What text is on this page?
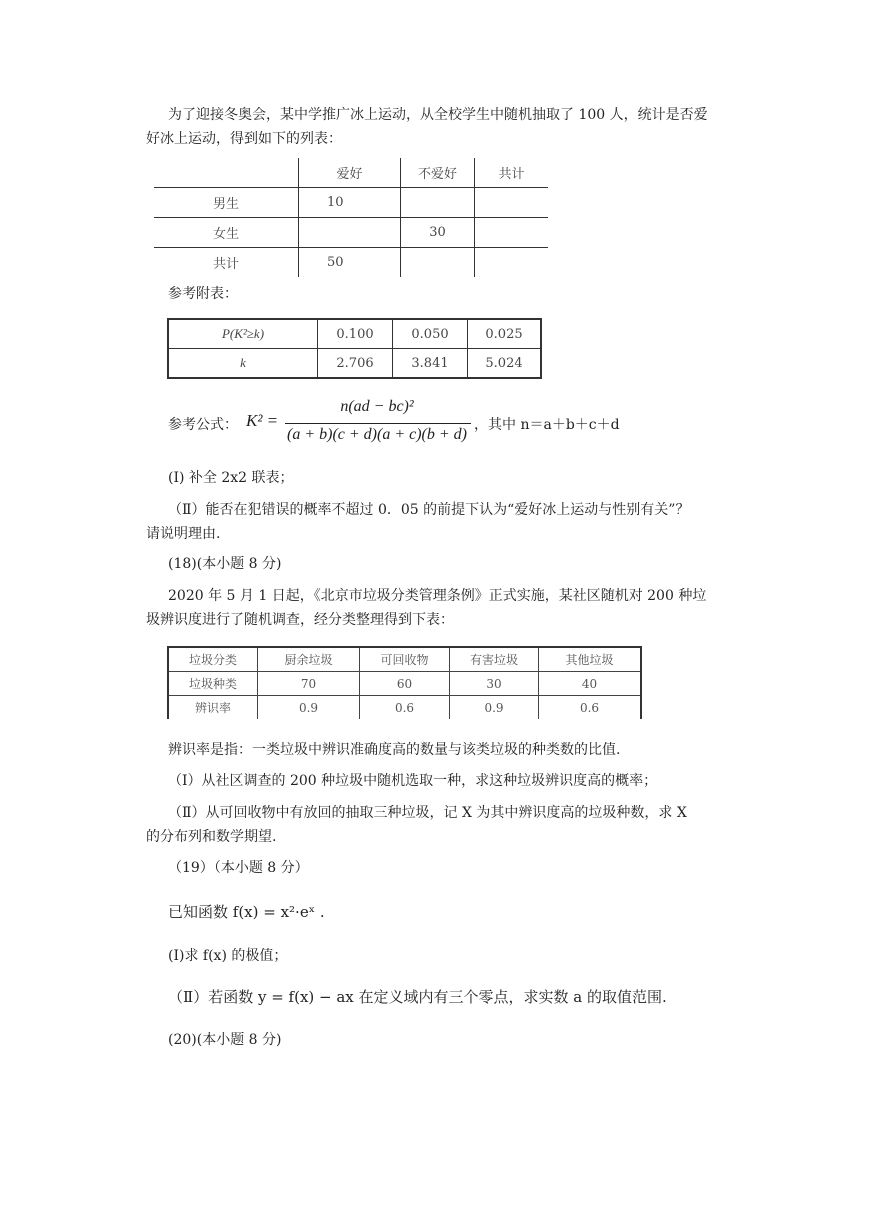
为了迎接冬奥会，某中学推广冰上运动，从全校学生中随机抽取了 100 人，统计是否爱
好冰上运动，得到如下的列表：
	爱好	不爱好	共计
男生	10		
女生		30	
共计	50		
参考附表：
P(K²≥k)	0.100	0.050	0.025
k	2.706	3.841	5.024
参考公式： K² =
n(ad − bc)²
(a + b)(c + d)(a + c)(b + d)
，其中 n＝a＋b＋c＋d
(Ⅰ) 补全 2x2 联表；
（Ⅱ）能否在犯错误的概率不超过 0．05 的前提下认为“爱好冰上运动与性别有关”？
请说明理由.
(18)(本小题 8 分)
2020 年 5 月 1 日起，《北京市垃圾分类管理条例》正式实施，某社区随机对 200 种垃
圾辨识度进行了随机调查，经分类整理得到下表：
垃圾分类	厨余垃圾	可回收物	有害垃圾	其他垃圾
垃圾种类	70	60	30	40
辨识率	0.9	0.6	0.9	0.6
辨识率是指：一类垃圾中辨识准确度高的数量与该类垃圾的种类数的比值.
（Ⅰ）从社区调查的 200 种垃圾中随机选取一种，求这种垃圾辨识度高的概率；
（Ⅱ）从可回收物中有放回的抽取三种垃圾，记 X 为其中辨识度高的垃圾种数，求 X
的分布列和数学期望.
（19）（本小题 8 分）
已知函数 f(x) = x²·eˣ .
(Ⅰ)求 f(x) 的极值；
（Ⅱ）若函数 y = f(x) − ax 在定义域内有三个零点，求实数 a 的取值范围.
(20)(本小题 8 分)
